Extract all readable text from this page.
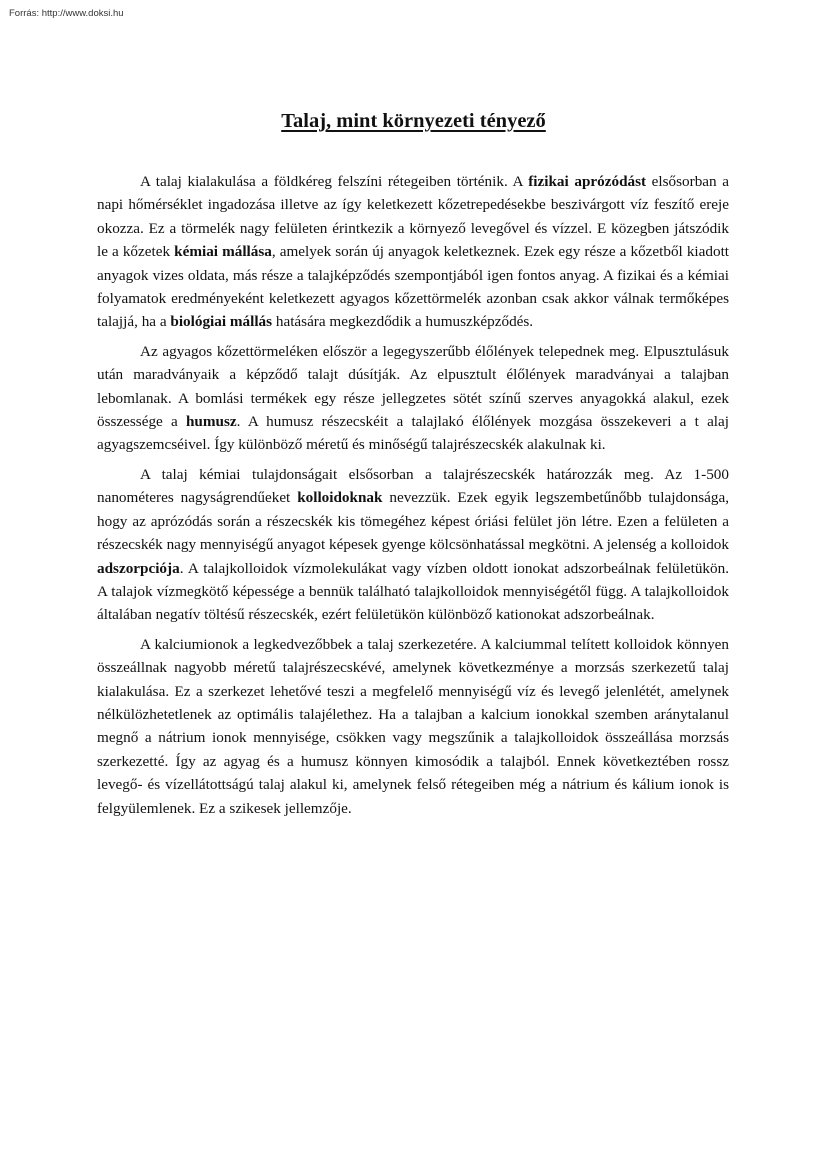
Forrás: http://www.doksi.hu
Talaj, mint környezeti tényező

A talaj kialakulása a földkéreg felszíni rétegeiben történik. A fizikai aprózódást elsősorban a napi hőmérséklet ingadozása illetve az így keletkezett kőzetrepedésekbe beszivárgott víz feszítő ereje okozza. Ez a törmelék nagy felületen érintkezik a környező levegővel és vízzel. E közegben játszódik le a kőzetek kémiai mállása, amelyek során új anyagok keletkeznek. Ezek egy része a kőzetből kiadott anyagok vizes oldata, más része a talajképződés szempontjából igen fontos anyag. A fizikai és a kémiai folyamatok eredményeként keletkezett agyagos kőzettörmelék azonban csak akkor válnak termőképes talajjá, ha a biológiai mállás hatására megkezdődik a humuszképződés.

Az agyagos kőzettörmeléken először a legegyszerűbb élőlények telepednek meg. Elpusztulásuk után maradványaik a képződő talajt dúsítják. Az elpusztult élőlények maradványai a talajban lebomlanak. A bomlási termékek egy része jellegzetes sötét színű szerves anyagokká alakul, ezek összessége a humusz. A humusz részecskéit a talajlakó élőlények mozgása összekeveri a t alaj agyagszemcséivel. Így különböző méretű és minőségű talajrészecskék alakulnak ki.

A talaj kémiai tulajdonságait elsősorban a talajrészecskék határozzák meg. Az 1-500 nanométeres nagyságrendűeket kolloidoknak nevezzük. Ezek egyik legszembetűnőbb tulajdonsága, hogy az aprózódás során a részecskék kis tömegéhez képest óriási felület jön létre. Ezen a felületen a részecskék nagy mennyiségű anyagot képesek gyenge kölcsönhatással megkötni. A jelenség a kolloidok adszorpciója. A talajkolloidok vízmolekulákat vagy vízben oldott ionokat adszorbeálnak felületükön. A talajok vízmegkötő képessége a bennük található talajkolloidok mennyiségétől függ. A talajkolloidok általában negatív töltésű részecskék, ezért felületükön különböző kationokat adszorbeálnak.

A kalciumionok a legkedvezőbbek a talaj szerkezetére. A kalciummal telített kolloidok könnyen összeállnak nagyobb méretű talajrészecskévé, amelynek következménye a morzsás szerkezetű talaj kialakulása. Ez a szerkezet lehetővé teszi a megfelelő mennyiségű víz és levegő jelenlétét, amelynek nélkülözhetetlenek az optimális talajélethez. Ha a talajban a kalcium ionokkal szemben aránytalanul megnő a nátrium ionok mennyisége, csökken vagy megszűnik a talajkolloidok összeállása morzsás szerkezetté. Így az agyag és a humusz könnyen kimosódik a talajból. Ennek következtében rossz levegő- és vízellátottságú talaj alakul ki, amelynek felső rétegeiben még a nátrium és kálium ionok is felgyülemlenek. Ez a szikesek jellemzője.
